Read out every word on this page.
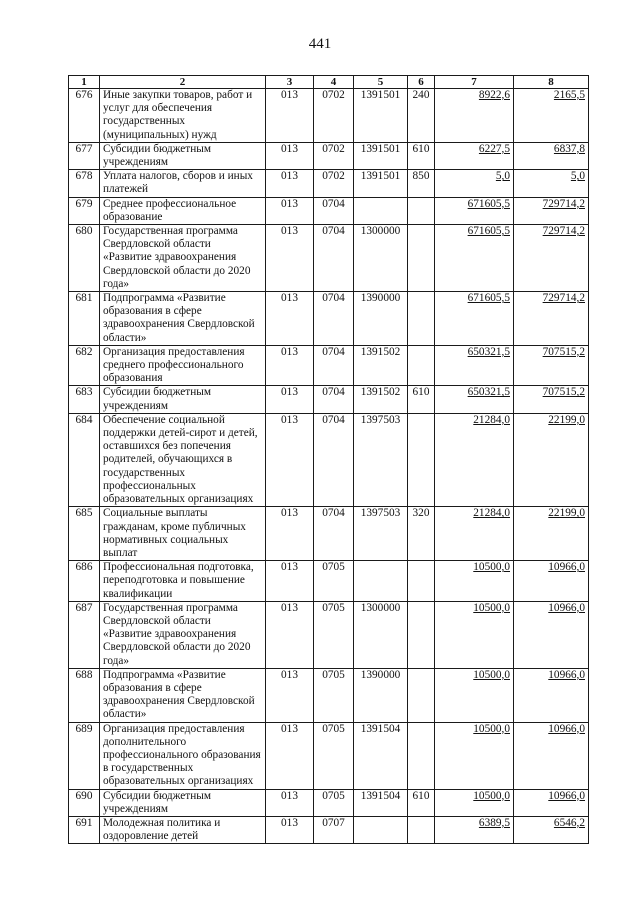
441
1	2	3	4	5	6	7	8
676	Иные закупки товаров, работ и услуг для обеспечения государственных (муниципальных) нужд	013	0702	1391501	240	8922,6	2165,5
677	Субсидии бюджетным учреждениям	013	0702	1391501	610	6227,5	6837,8
678	Уплата налогов, сборов и иных платежей	013	0702	1391501	850	5,0	5,0
679	Среднее профессиональное образование	013	0704			671605,5	729714,2
680	Государственная программа Свердловской области «Развитие здравоохранения Свердловской области до 2020 года»	013	0704	1300000		671605,5	729714,2
681	Подпрограмма «Развитие образования в сфере здравоохранения Свердловской области»	013	0704	1390000		671605,5	729714,2
682	Организация предоставления среднего профессионального образования	013	0704	1391502		650321,5	707515,2
683	Субсидии бюджетным учреждениям	013	0704	1391502	610	650321,5	707515,2
684	Обеспечение социальной поддержки детей-сирот и детей, оставшихся без попечения родителей, обучающихся в государственных профессиональных образовательных организациях	013	0704	1397503		21284,0	22199,0
685	Социальные выплаты гражданам, кроме публичных нормативных социальных выплат	013	0704	1397503	320	21284,0	22199,0
686	Профессиональная подготовка, переподготовка и повышение квалификации	013	0705			10500,0	10966,0
687	Государственная программа Свердловской области «Развитие здравоохранения Свердловской области до 2020 года»	013	0705	1300000		10500,0	10966,0
688	Подпрограмма «Развитие образования в сфере здравоохранения Свердловской области»	013	0705	1390000		10500,0	10966,0
689	Организация предоставления дополнительного профессионального образования в государственных образовательных организациях	013	0705	1391504		10500,0	10966,0
690	Субсидии бюджетным учреждениям	013	0705	1391504	610	10500,0	10966,0
691	Молодежная политика и оздоровление детей	013	0707			6389,5	6546,2
